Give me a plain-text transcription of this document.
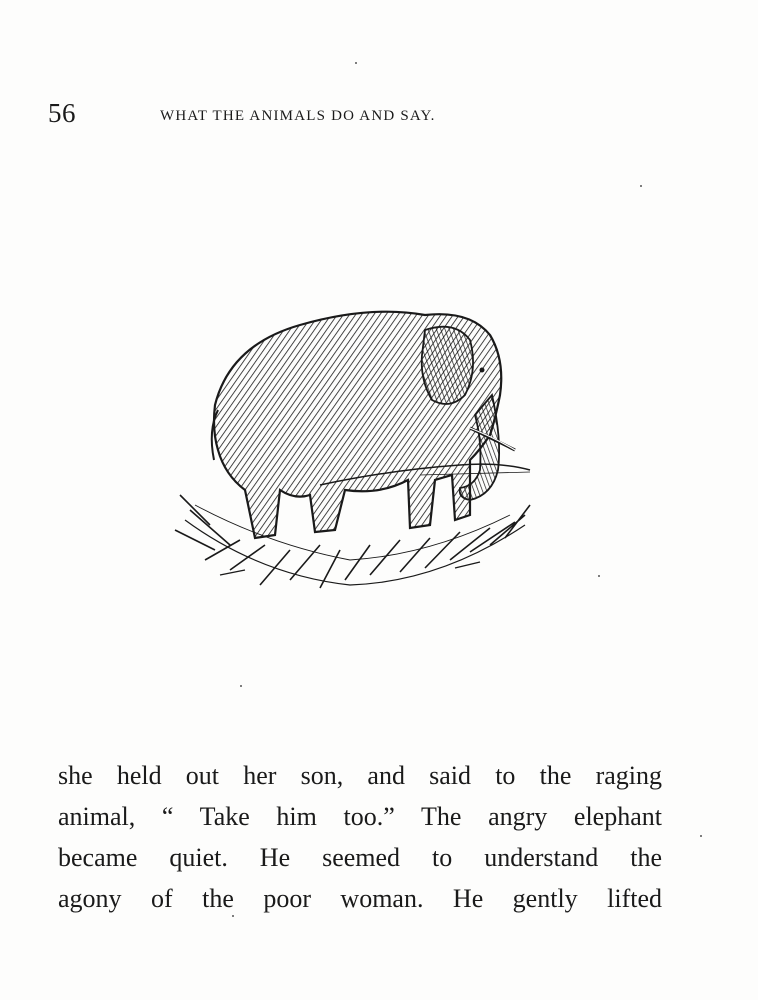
56	WHAT THE ANIMALS DO AND SAY.
she held out her son, and said to the raging
animal, “ Take him too.” The angry elephant
became quiet. He seemed to understand the
agony of the poor woman. He gently lifted
